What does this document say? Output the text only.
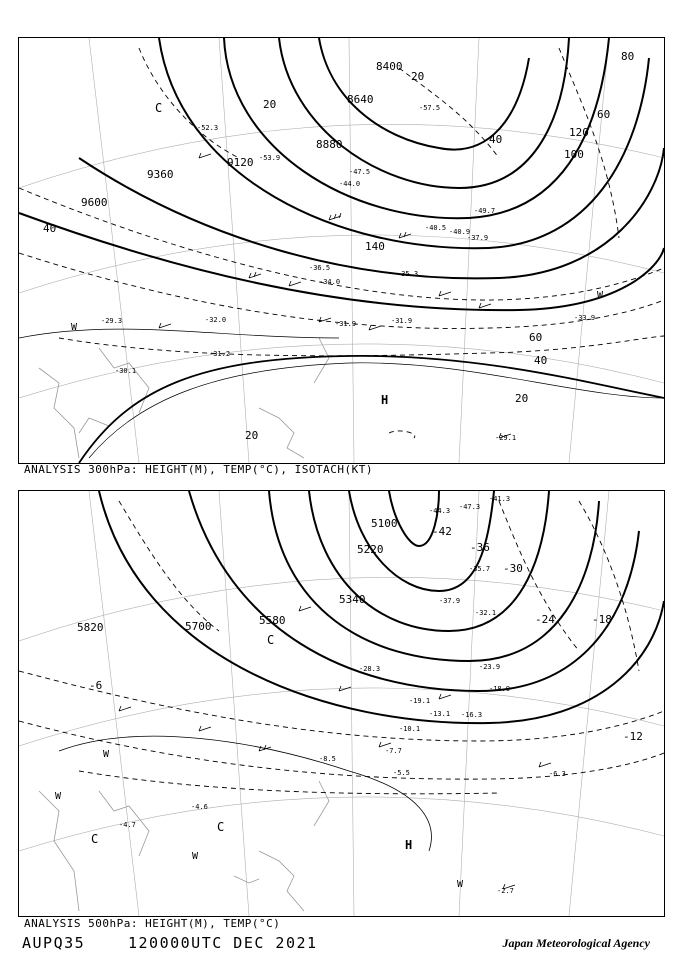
8400
8640
8880
9120
9360
9600
20
40
60
80
100
120
140
40
60
20
40
20
20
-29.3
-30.1
-31.2
-31.9	-31.9
-32.0	-33.9
-34.0
-35.3
-36.5
-37.9
-40.5 -40.9
-44.0
-47.5
-49.7
-52.3
-53.9
-57.5
-29.1
H
C
W
W
ANALYSIS 300hPa: HEIGHT(M), TEMP(°C), ISOTACH(KT)
5100
5220
5340
5580
5700
5820
-6
-12
-18
-24
-30
-36
-42
-4.6
-4.7
-5.5	-6.3
-7.7
-8.5
-10.1
-13.1 -16.3
-18.9
-19.1
-23.9
-28.3
-32.1
-35.7
-37.9
-41.3
-44.3 -47.3
-2.7
H
C
C
C
W
W
W
W
ANALYSIS 500hPa: HEIGHT(M), TEMP(°C)
AUPQ35	120000UTC DEC 2021	Japan Meteorological Agency
